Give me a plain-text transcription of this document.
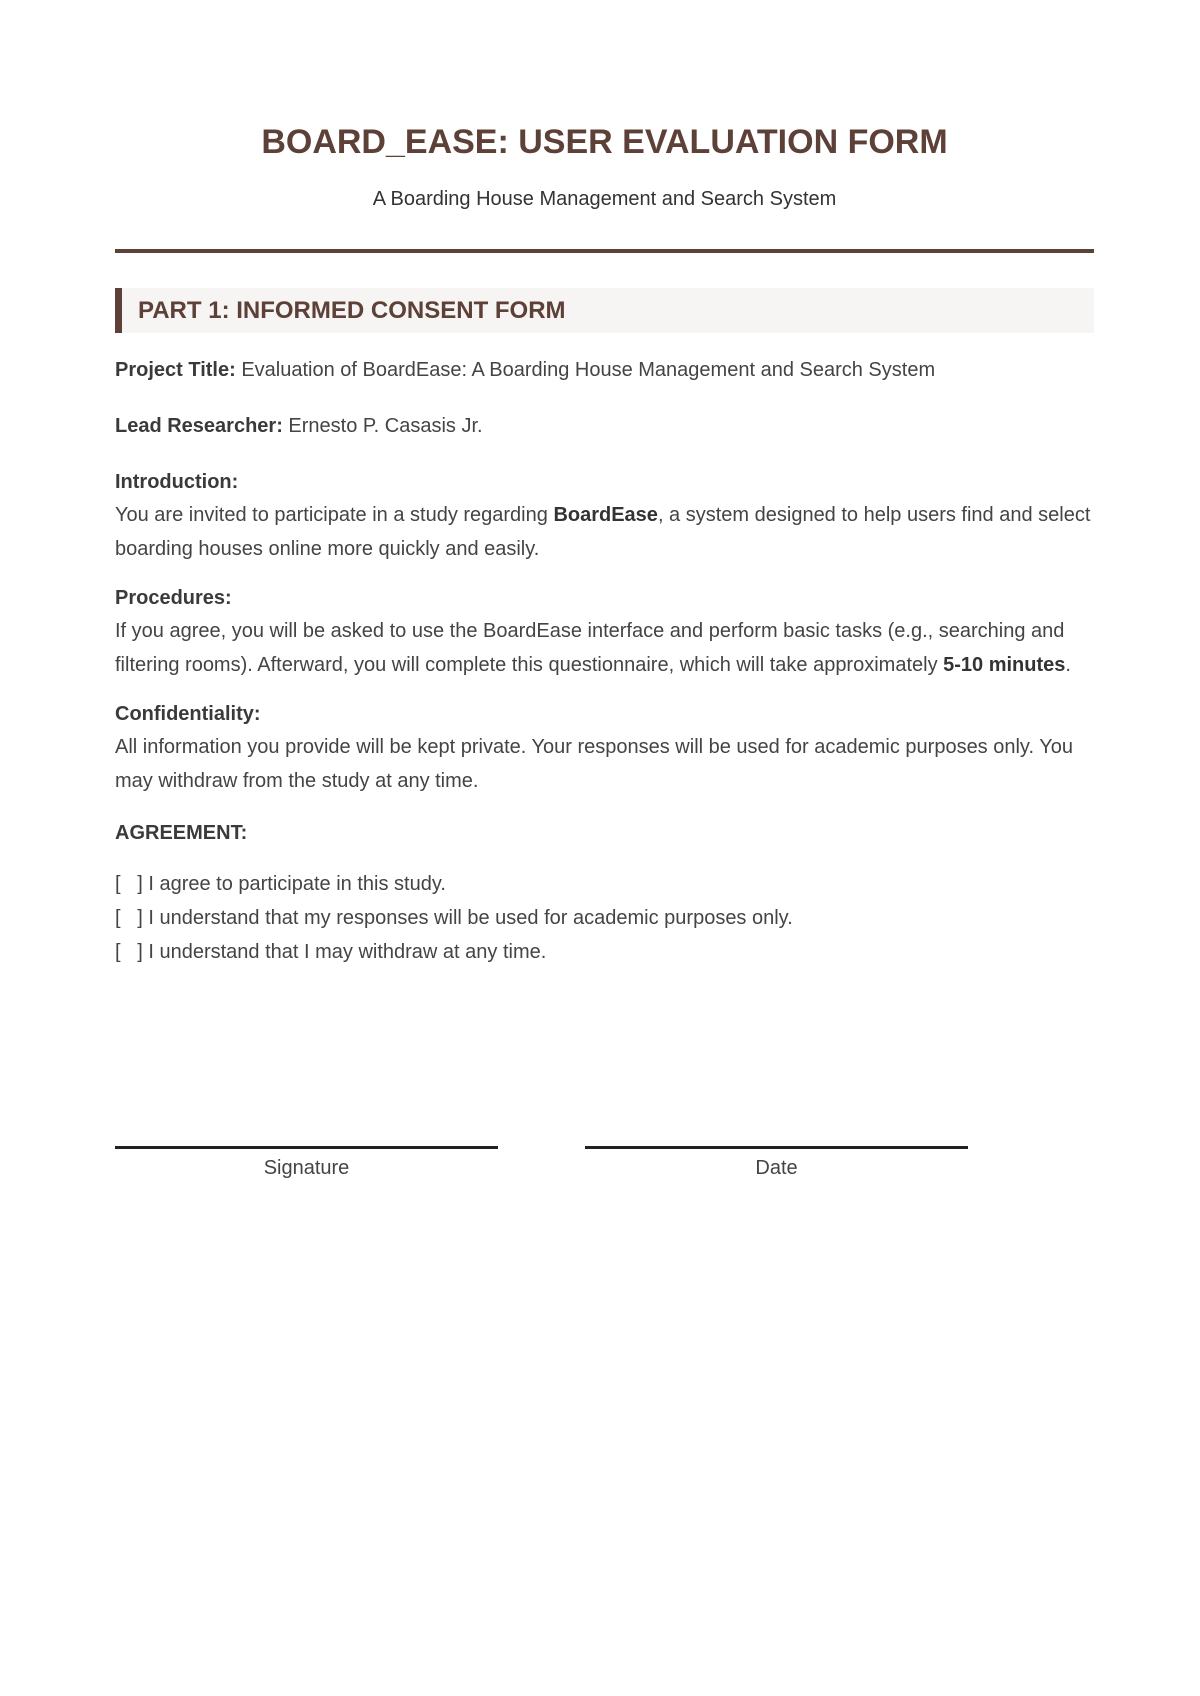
BOARD_EASE: USER EVALUATION FORM

A Boarding House Management and Search System

PART 1: INFORMED CONSENT FORM

Project Title: Evaluation of BoardEase: A Boarding House Management and Search System

Lead Researcher: Ernesto P. Casasis Jr.

Introduction:

You are invited to participate in a study regarding BoardEase, a system designed to help users find and select boarding houses online more quickly and easily.

Procedures:

If you agree, you will be asked to use the BoardEase interface and perform basic tasks (e.g., searching and filtering rooms). Afterward, you will complete this questionnaire, which will take approximately 5-10 minutes.

Confidentiality:

All information you provide will be kept private. Your responses will be used for academic purposes only. You may withdraw from the study at any time.

AGREEMENT:

[   ] I agree to participate in this study.
[   ] I understand that my responses will be used for academic purposes only.
[   ] I understand that I may withdraw at any time.
Signature	Date
